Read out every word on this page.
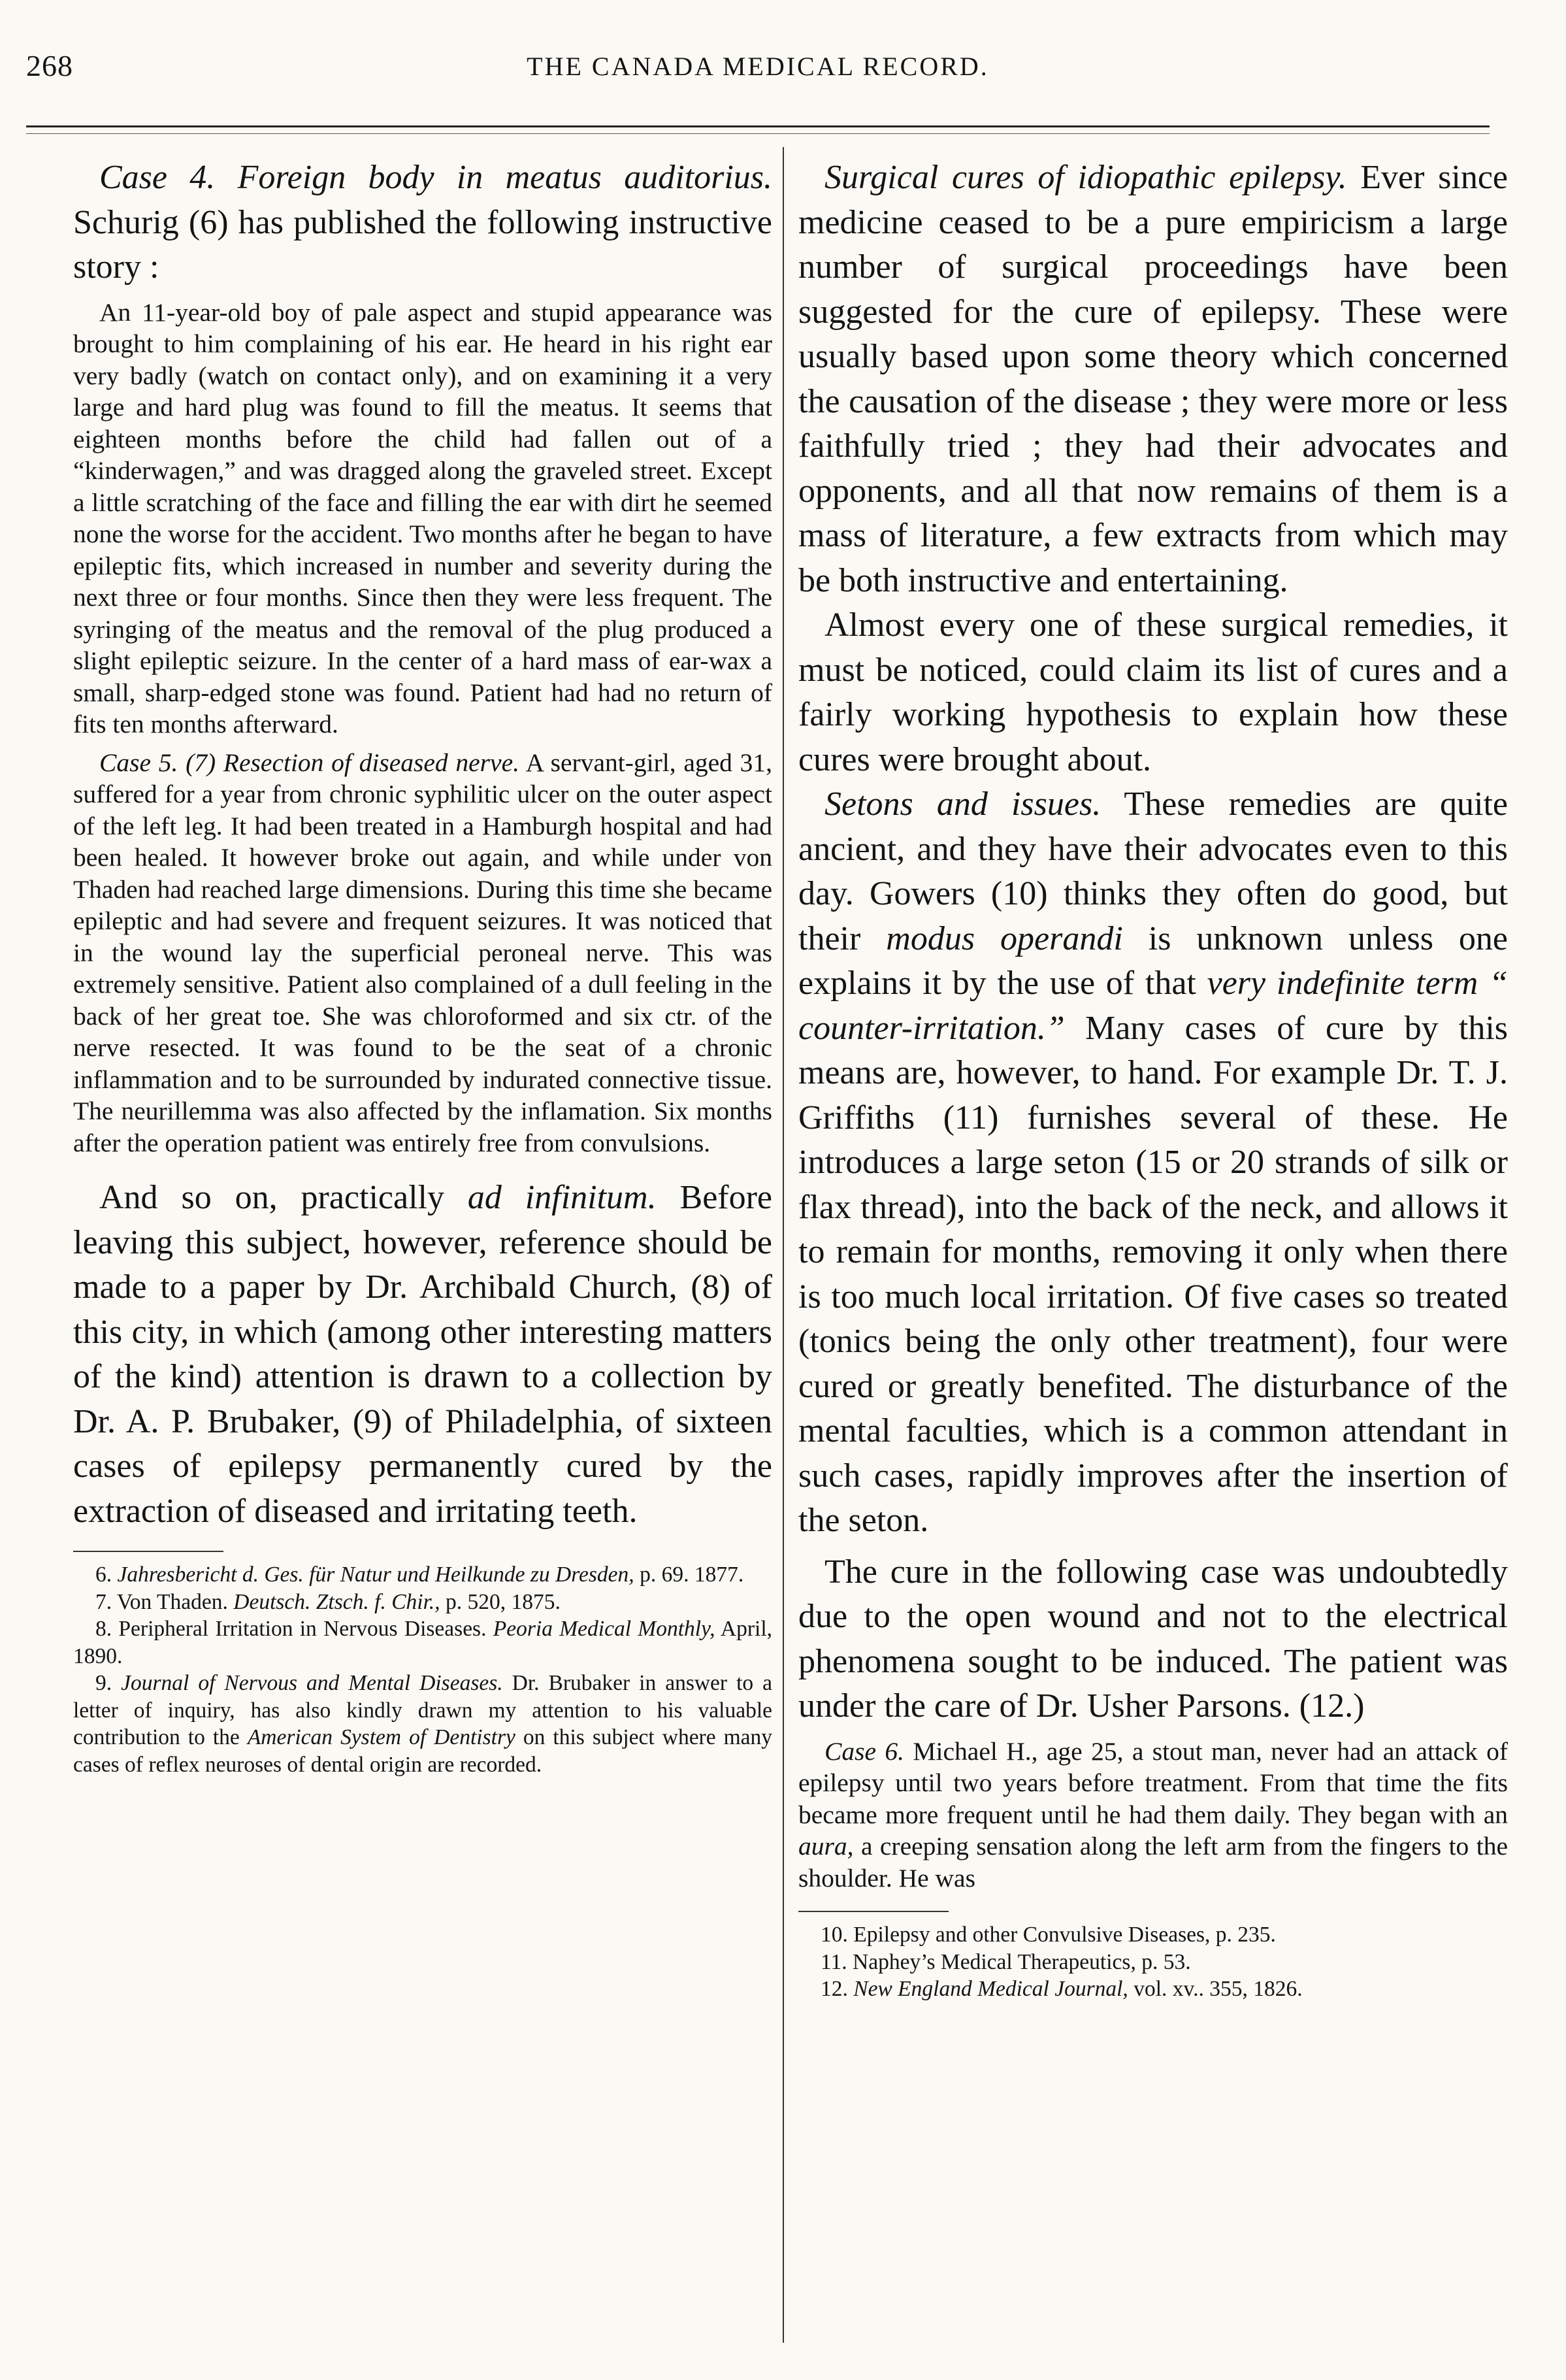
268	THE CANADA MEDICAL RECORD.

Case 4. Foreign body in meatus auditorius. Schurig (6) has published the following instructive story :

An 11-year-old boy of pale aspect and stupid appearance was brought to him complaining of his ear. He heard in his right ear very badly (watch on contact only), and on examining it a very large and hard plug was found to fill the meatus. It seems that eighteen months before the child had fallen out of a “kinderwagen,” and was dragged along the graveled street. Except a little scratching of the face and filling the ear with dirt he seemed none the worse for the accident. Two months after he began to have epileptic fits, which increased in number and severity during the next three or four months. Since then they were less frequent. The syringing of the meatus and the removal of the plug produced a slight epileptic seizure. In the center of a hard mass of ear-wax a small, sharp-edged stone was found. Patient had had no return of fits ten months afterward.

Case 5. (7) Resection of diseased nerve. A servant-girl, aged 31, suffered for a year from chronic syphilitic ulcer on the outer aspect of the left leg. It had been treated in a Hamburgh hospital and had been healed. It however broke out again, and while under von Thaden had reached large dimensions. During this time she became epileptic and had severe and frequent seizures. It was noticed that in the wound lay the superficial peroneal nerve. This was extremely sensitive. Patient also complained of a dull feeling in the back of her great toe. She was chloroformed and six ctr. of the nerve resected. It was found to be the seat of a chronic inflammation and to be surrounded by indurated connective tissue. The neurillemma was also affected by the inflamation. Six months after the operation patient was entirely free from convulsions.

And so on, practically ad infinitum. Before leaving this subject, however, reference should be made to a paper by Dr. Archibald Church, (8) of this city, in which (among other interesting matters of the kind) attention is drawn to a collection by Dr. A. P. Brubaker, (9) of Philadelphia, of sixteen cases of epilepsy permanently cured by the extraction of diseased and irritating teeth.

6. Jahresbericht d. Ges. für Natur und Heilkunde zu Dresden, p. 69. 1877.

7. Von Thaden. Deutsch. Ztsch. f. Chir., p. 520, 1875.

8. Peripheral Irritation in Nervous Diseases. Peoria Medical Monthly, April, 1890.

9. Journal of Nervous and Mental Diseases. Dr. Brubaker in answer to a letter of inquiry, has also kindly drawn my attention to his valuable contribution to the American System of Dentistry on this subject where many cases of reflex neuroses of dental origin are recorded.

Surgical cures of idiopathic epilepsy. Ever since medicine ceased to be a pure empiricism a large number of surgical proceedings have been suggested for the cure of epilepsy. These were usually based upon some theory which concerned the causation of the disease ; they were more or less faithfully tried ; they had their advocates and opponents, and all that now remains of them is a mass of literature, a few extracts from which may be both instructive and entertaining.

Almost every one of these surgical remedies, it must be noticed, could claim its list of cures and a fairly working hypothesis to explain how these cures were brought about.

Setons and issues. These remedies are quite ancient, and they have their advocates even to this day. Gowers (10) thinks they often do good, but their modus operandi is unknown unless one explains it by the use of that very indefinite term “ counter-irritation.” Many cases of cure by this means are, however, to hand. For example Dr. T. J. Griffiths (11) furnishes several of these. He introduces a large seton (15 or 20 strands of silk or flax thread), into the back of the neck, and allows it to remain for months, removing it only when there is too much local irritation. Of five cases so treated (tonics being the only other treatment), four were cured or greatly benefited. The disturbance of the mental faculties, which is a common attendant in such cases, rapidly improves after the insertion of the seton.

The cure in the following case was undoubtedly due to the open wound and not to the electrical phenomena sought to be induced. The patient was under the care of Dr. Usher Parsons. (12.)

Case 6. Michael H., age 25, a stout man, never had an attack of epilepsy until two years before treatment. From that time the fits became more frequent until he had them daily. They began with an aura, a creeping sensation along the left arm from the fingers to the shoulder. He was

10. Epilepsy and other Convulsive Diseases, p. 235.

11. Naphey’s Medical Therapeutics, p. 53.

12. New England Medical Journal, vol. xv.. 355, 1826.
